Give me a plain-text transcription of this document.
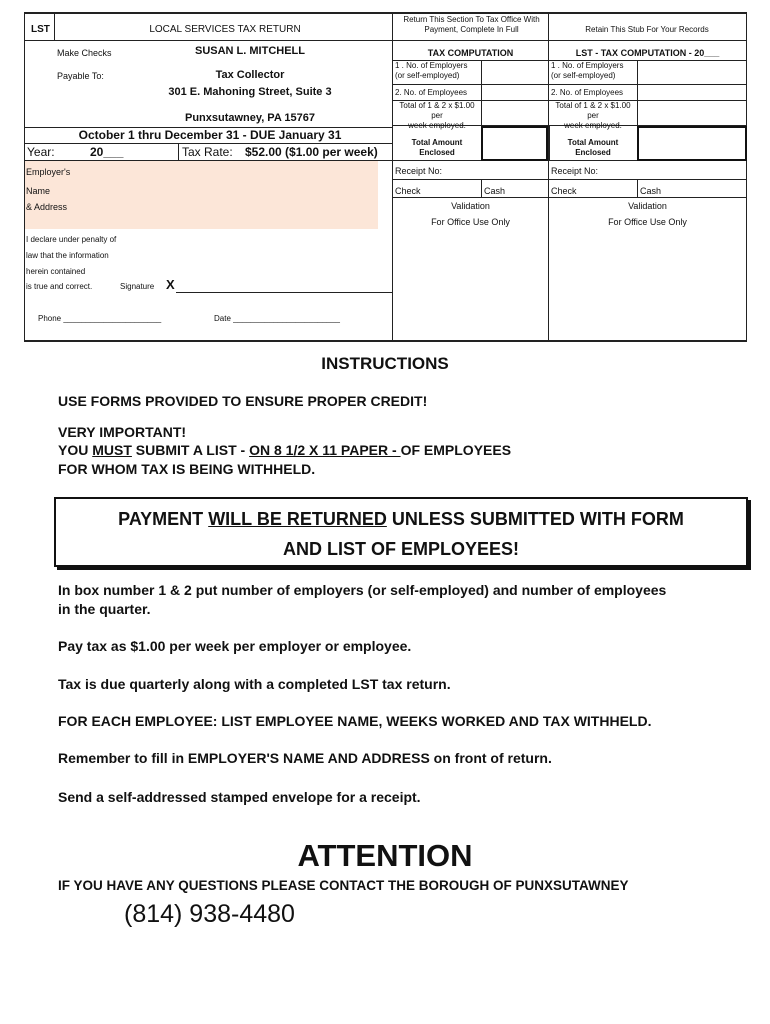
LST	LOCAL SERVICES TAX RETURN
Return This Section To Tax Office With Payment, Complete In Full	Retain This Stub For Your Records
Make Checks	SUSAN L. MITCHELL
Payable To:	Tax Collector
301 E. Mahoning Street, Suite 3
Punxsutawney, PA 15767
October 1 thru December 31 - DUE January 31
Year:	20___	Tax Rate: $52.00 ($1.00 per week)
Employer's
Name
& Address
I declare under penalty of
law that the information
herein contained
is true and correct.	Signature X
Phone ______________________	Date ________________________
TAX COMPUTATION
1 . No. of Employers
(or self-employed)
2. No. of Employees
Total of 1 & 2 x $1.00 per
week employed.
Total Amount
Enclosed
Receipt No:
Check	Cash
Validation
For Office Use Only
LST - TAX COMPUTATION - 20___
1 . No. of Employers
(or self-employed)
2. No. of Employees
Total of 1 & 2 x $1.00 per
week employed.
Total Amount
Enclosed
Receipt No:
Check	Cash
Validation
For Office Use Only
INSTRUCTIONS
USE FORMS PROVIDED TO ENSURE PROPER CREDIT!
VERY IMPORTANT!
YOU MUST SUBMIT A LIST - ON 8 1/2 X 11 PAPER - OF EMPLOYEES
FOR WHOM TAX IS BEING WITHHELD.
PAYMENT WILL BE RETURNED UNLESS SUBMITTED WITH FORM
AND LIST OF EMPLOYEES!
In box number 1 & 2 put number of employers (or self-employed) and number of employees
in the quarter.
Pay tax as $1.00 per week per employer or employee.
Tax is due quarterly along with a completed LST tax return.
FOR EACH EMPLOYEE: LIST EMPLOYEE NAME, WEEKS WORKED AND TAX WITHHELD.
Remember to fill in EMPLOYER'S NAME AND ADDRESS on front of return.
Send a self-addressed stamped envelope for a receipt.
ATTENTION
IF YOU HAVE ANY QUESTIONS PLEASE CONTACT THE BOROUGH OF PUNXSUTAWNEY
(814) 938-4480
